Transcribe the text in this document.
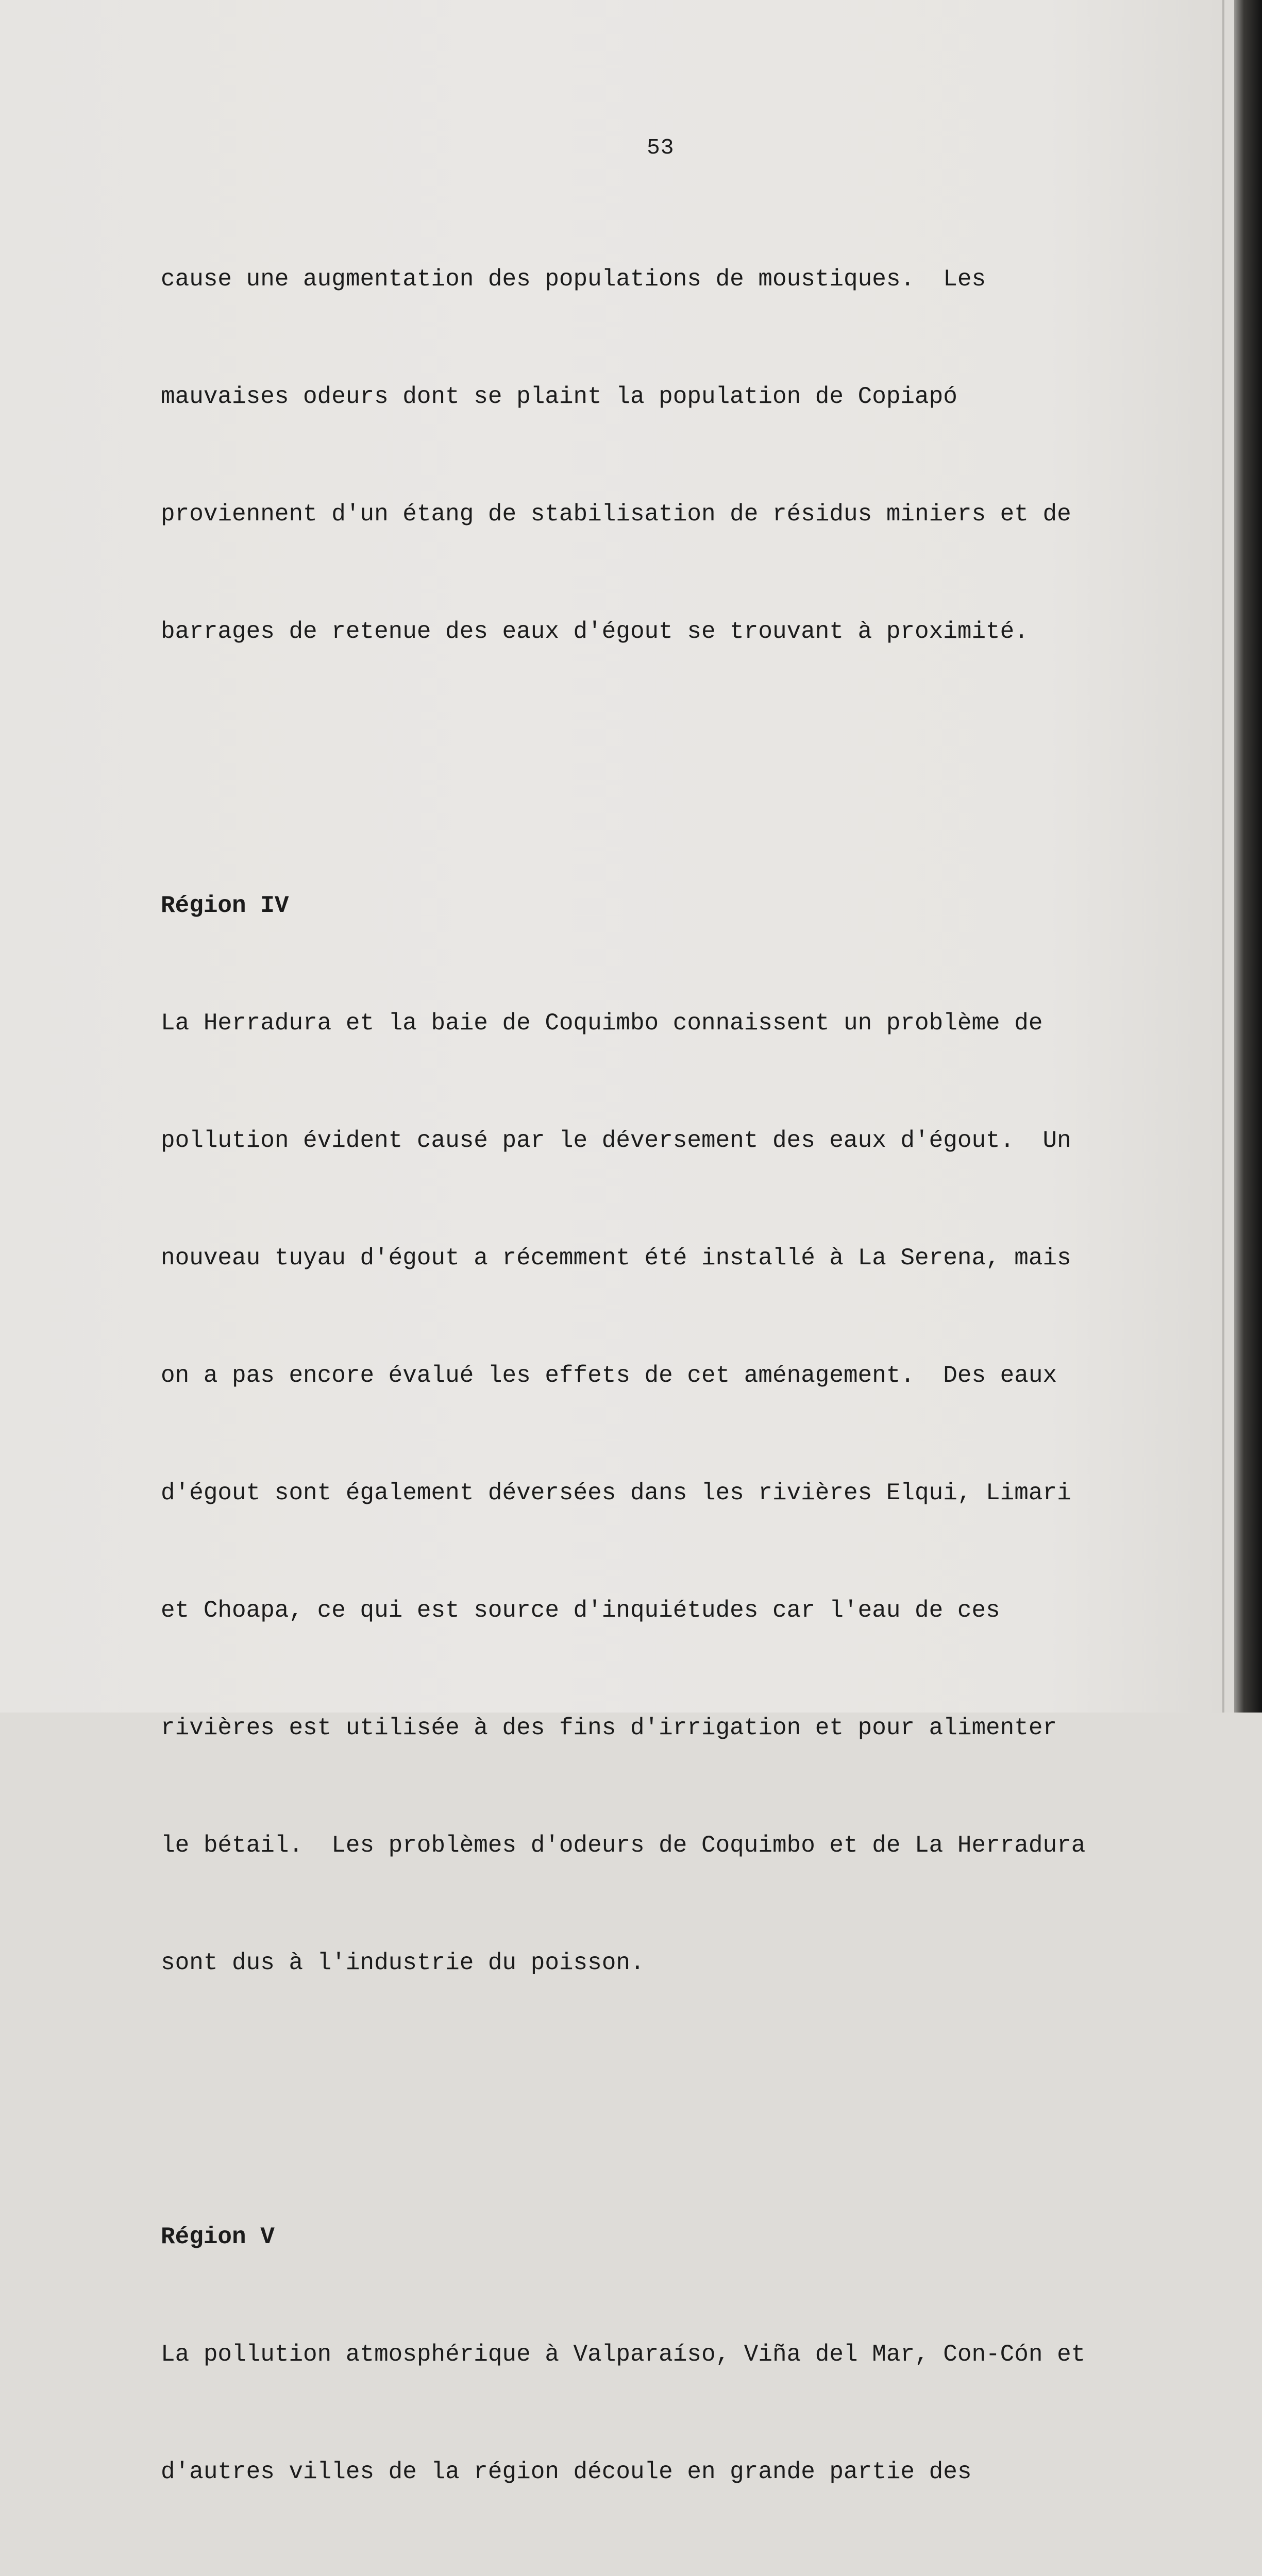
53

cause une augmentation des populations de moustiques.  Les

mauvaises odeurs dont se plaint la population de Copiapó

proviennent d'un étang de stabilisation de résidus miniers et de

barrages de retenue des eaux d'égout se trouvant à proximité.

Région IV

La Herradura et la baie de Coquimbo connaissent un problème de

pollution évident causé par le déversement des eaux d'égout.  Un

nouveau tuyau d'égout a récemment été installé à La Serena, mais

on a pas encore évalué les effets de cet aménagement.  Des eaux

d'égout sont également déversées dans les rivières Elqui, Limari

et Choapa, ce qui est source d'inquiétudes car l'eau de ces

rivières est utilisée à des fins d'irrigation et pour alimenter

le bétail.  Les problèmes d'odeurs de Coquimbo et de La Herradura

sont dus à l'industrie du poisson.

Région V

La pollution atmosphérique à Valparaíso, Viña del Mar, Con-Cón et

d'autres villes de la région découle en grande partie des
